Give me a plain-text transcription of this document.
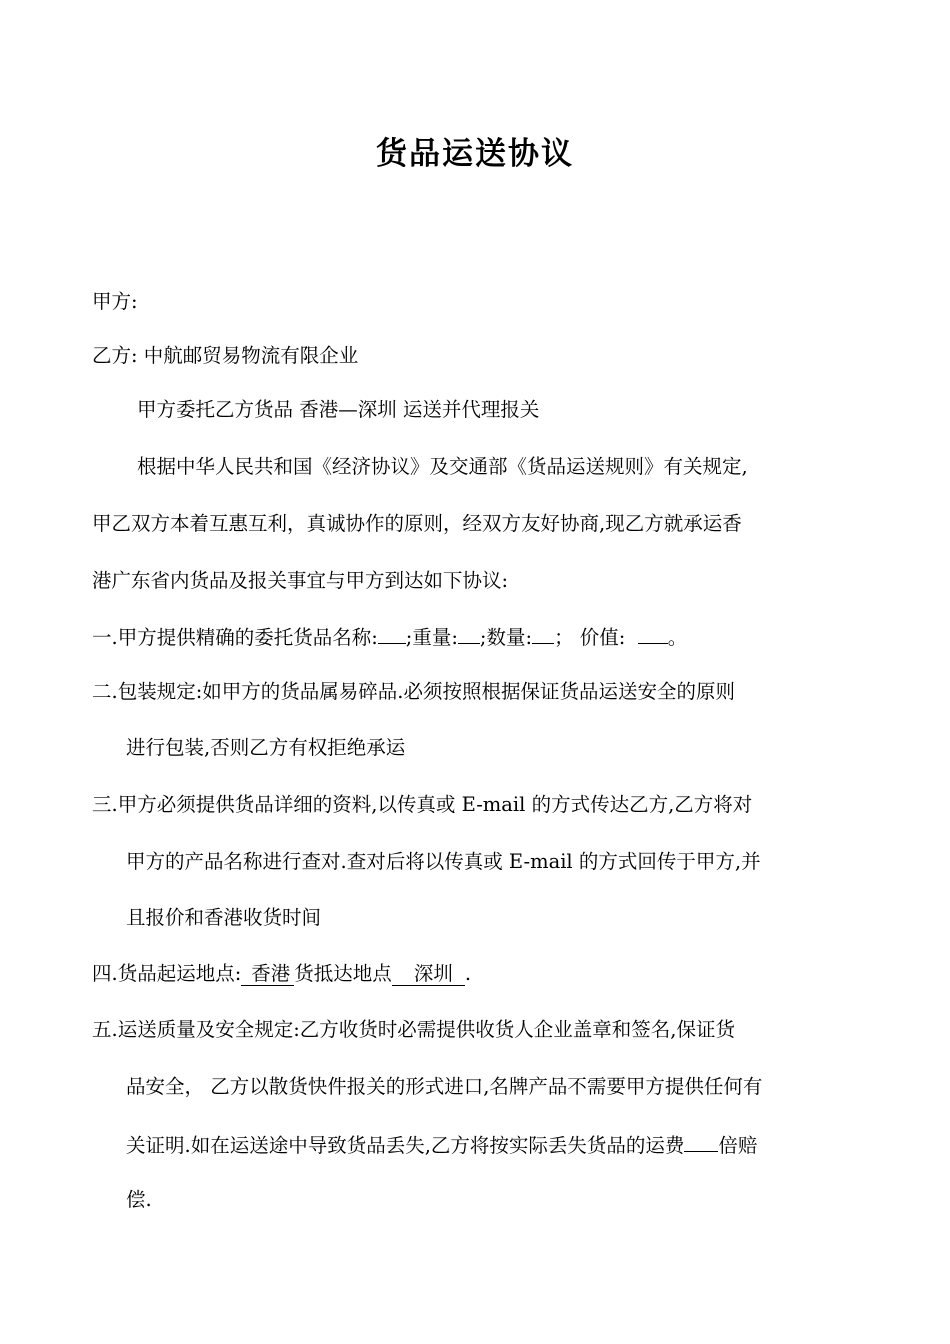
货品运送协议
甲方:
乙方: 中航邮贸易物流有限企业
甲方委托乙方货品 香港—深圳 运送并代理报关
根据中华人民共和国《经济协议》及交通部《货品运送规则》有关规定,
甲乙双方本着互惠互利，真诚协作的原则，经双方友好协商,现乙方就承运香
港广东省内货品及报关事宜与甲方到达如下协议:
一.甲方提供精确的委托货品名称: ;重量: ;数量: ； 价值: 。
二.包装规定:如甲方的货品属易碎品.必须按照根据保证货品运送安全的原则
进行包装,否则乙方有权拒绝承运
三.甲方必须提供货品详细的资料,以传真或 E-mail 的方式传达乙方,乙方将对
甲方的产品名称进行查对.查对后将以传真或 E-mail 的方式回传于甲方,并
且报价和香港收货时间
四.货品起运地点: 香港 货抵达地点 深圳 .
五.运送质量及安全规定:乙方收货时必需提供收货人企业盖章和签名,保证货
品安全， 乙方以散货快件报关的形式进口,名牌产品不需要甲方提供任何有
关证明.如在运送途中导致货品丢失,乙方将按实际丢失货品的运费 倍赔
偿.
